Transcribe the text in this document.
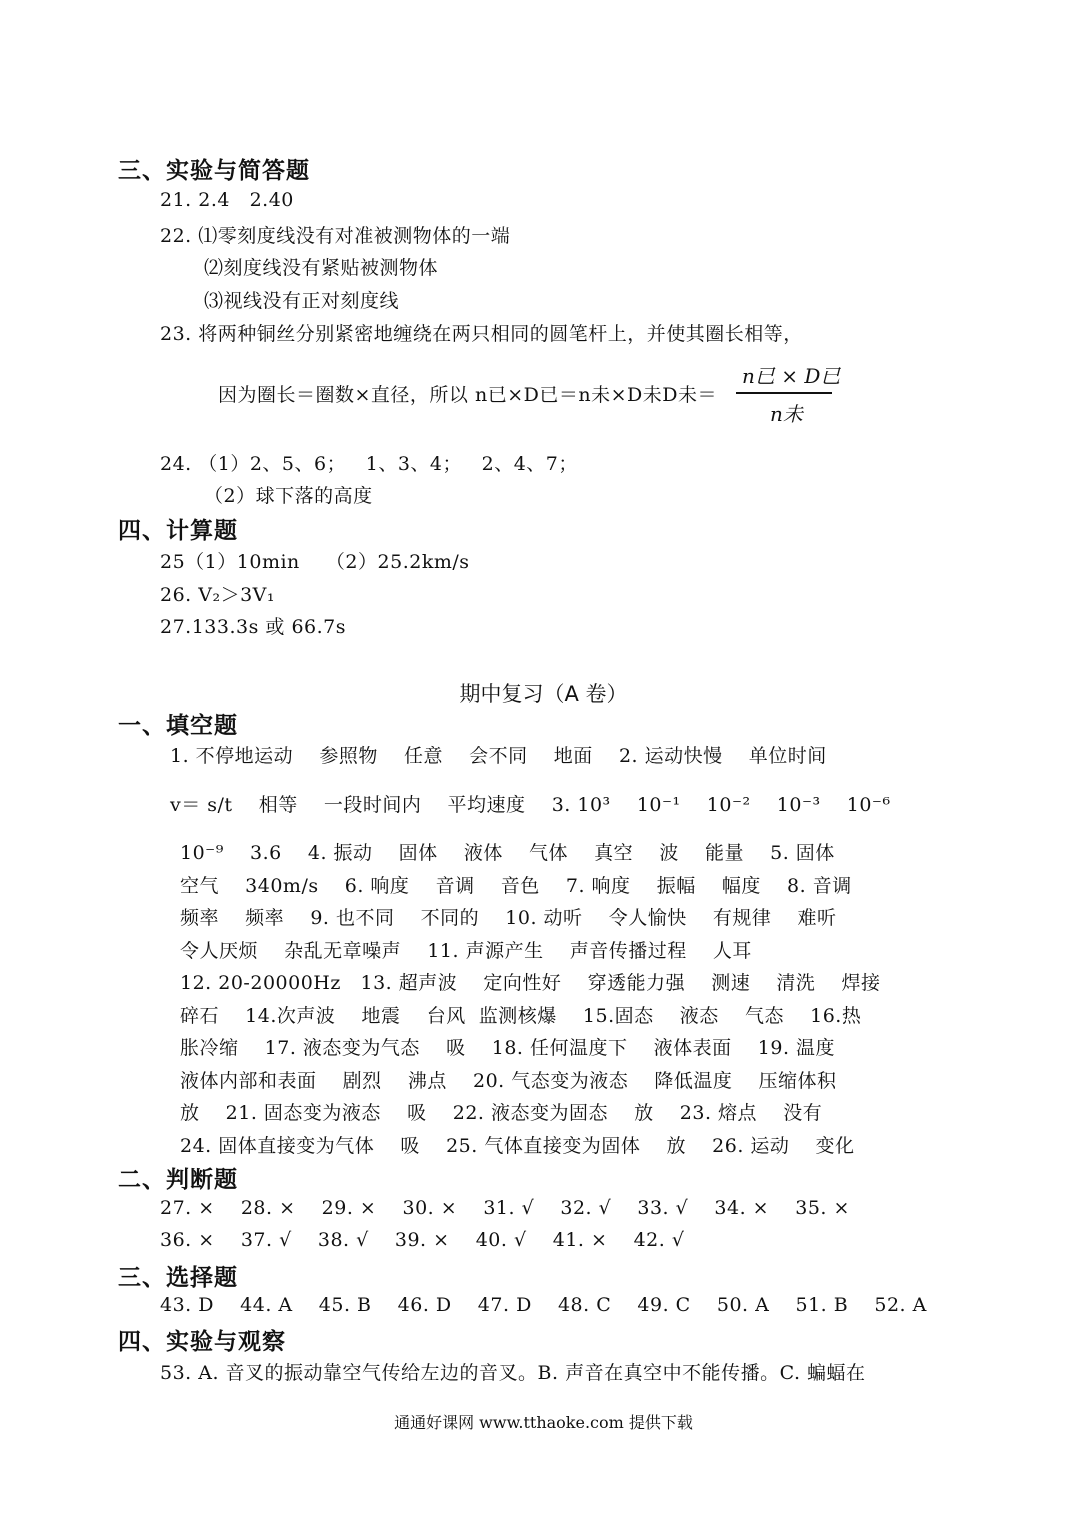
三、实验与简答题
21. 2.4   2.40
22. ⑴零刻度线没有对准被测物体的一端
⑵刻度线没有紧贴被测物体
⑶视线没有正对刻度线
23. 将两种铜丝分别紧密地缠绕在两只相同的圆笔杆上，并使其圈长相等，
因为圈长＝圈数×直径，所以 n已×D已＝n未×D未D未＝
n已 × D已
n未
24. （1）2、5、6；   1、3、4；   2、4、7；
（2）球下落的高度
四、计算题
25（1）10min    （2）25.2km/s
26. V₂＞3V₁
27.133.3s 或 66.7s
期中复习（A 卷）
一、填空题
1. 不停地运动    参照物    任意    会不同    地面    2. 运动快慢    单位时间
v＝ s/t    相等    一段时间内    平均速度    3. 10³    10⁻¹    10⁻²    10⁻³    10⁻⁶
10⁻⁹    3.6    4. 振动    固体    液体    气体    真空    波    能量    5. 固体
空气    340m/s    6. 响度    音调    音色    7. 响度    振幅    幅度    8. 音调
频率    频率    9. 也不同    不同的    10. 动听    令人愉快    有规律    难听
令人厌烦    杂乱无章噪声    11. 声源产生    声音传播过程    人耳
12. 20-20000Hz   13. 超声波    定向性好    穿透能力强    测速    清洗    焊接
碎石    14.次声波    地震    台风  监测核爆    15.固态    液态    气态    16.热
胀冷缩    17. 液态变为气态    吸    18. 任何温度下    液体表面    19. 温度
液体内部和表面    剧烈    沸点    20. 气态变为液态    降低温度    压缩体积
放    21. 固态变为液态    吸    22. 液态变为固态    放    23. 熔点    没有
24. 固体直接变为气体    吸    25. 气体直接变为固体    放    26. 运动    变化
二、判断题
27. ×    28. ×    29. ×    30. ×    31. √    32. √    33. √    34. ×    35. ×
36. ×    37. √    38. √    39. ×    40. √    41. ×    42. √
三、选择题
43. D    44. A    45. B    46. D    47. D    48. C    49. C    50. A    51. B    52. A
四、实验与观察
53. A. 音叉的振动靠空气传给左边的音叉。B. 声音在真空中不能传播。C. 蝙蝠在
通通好课网 www.tthaoke.com 提供下载
